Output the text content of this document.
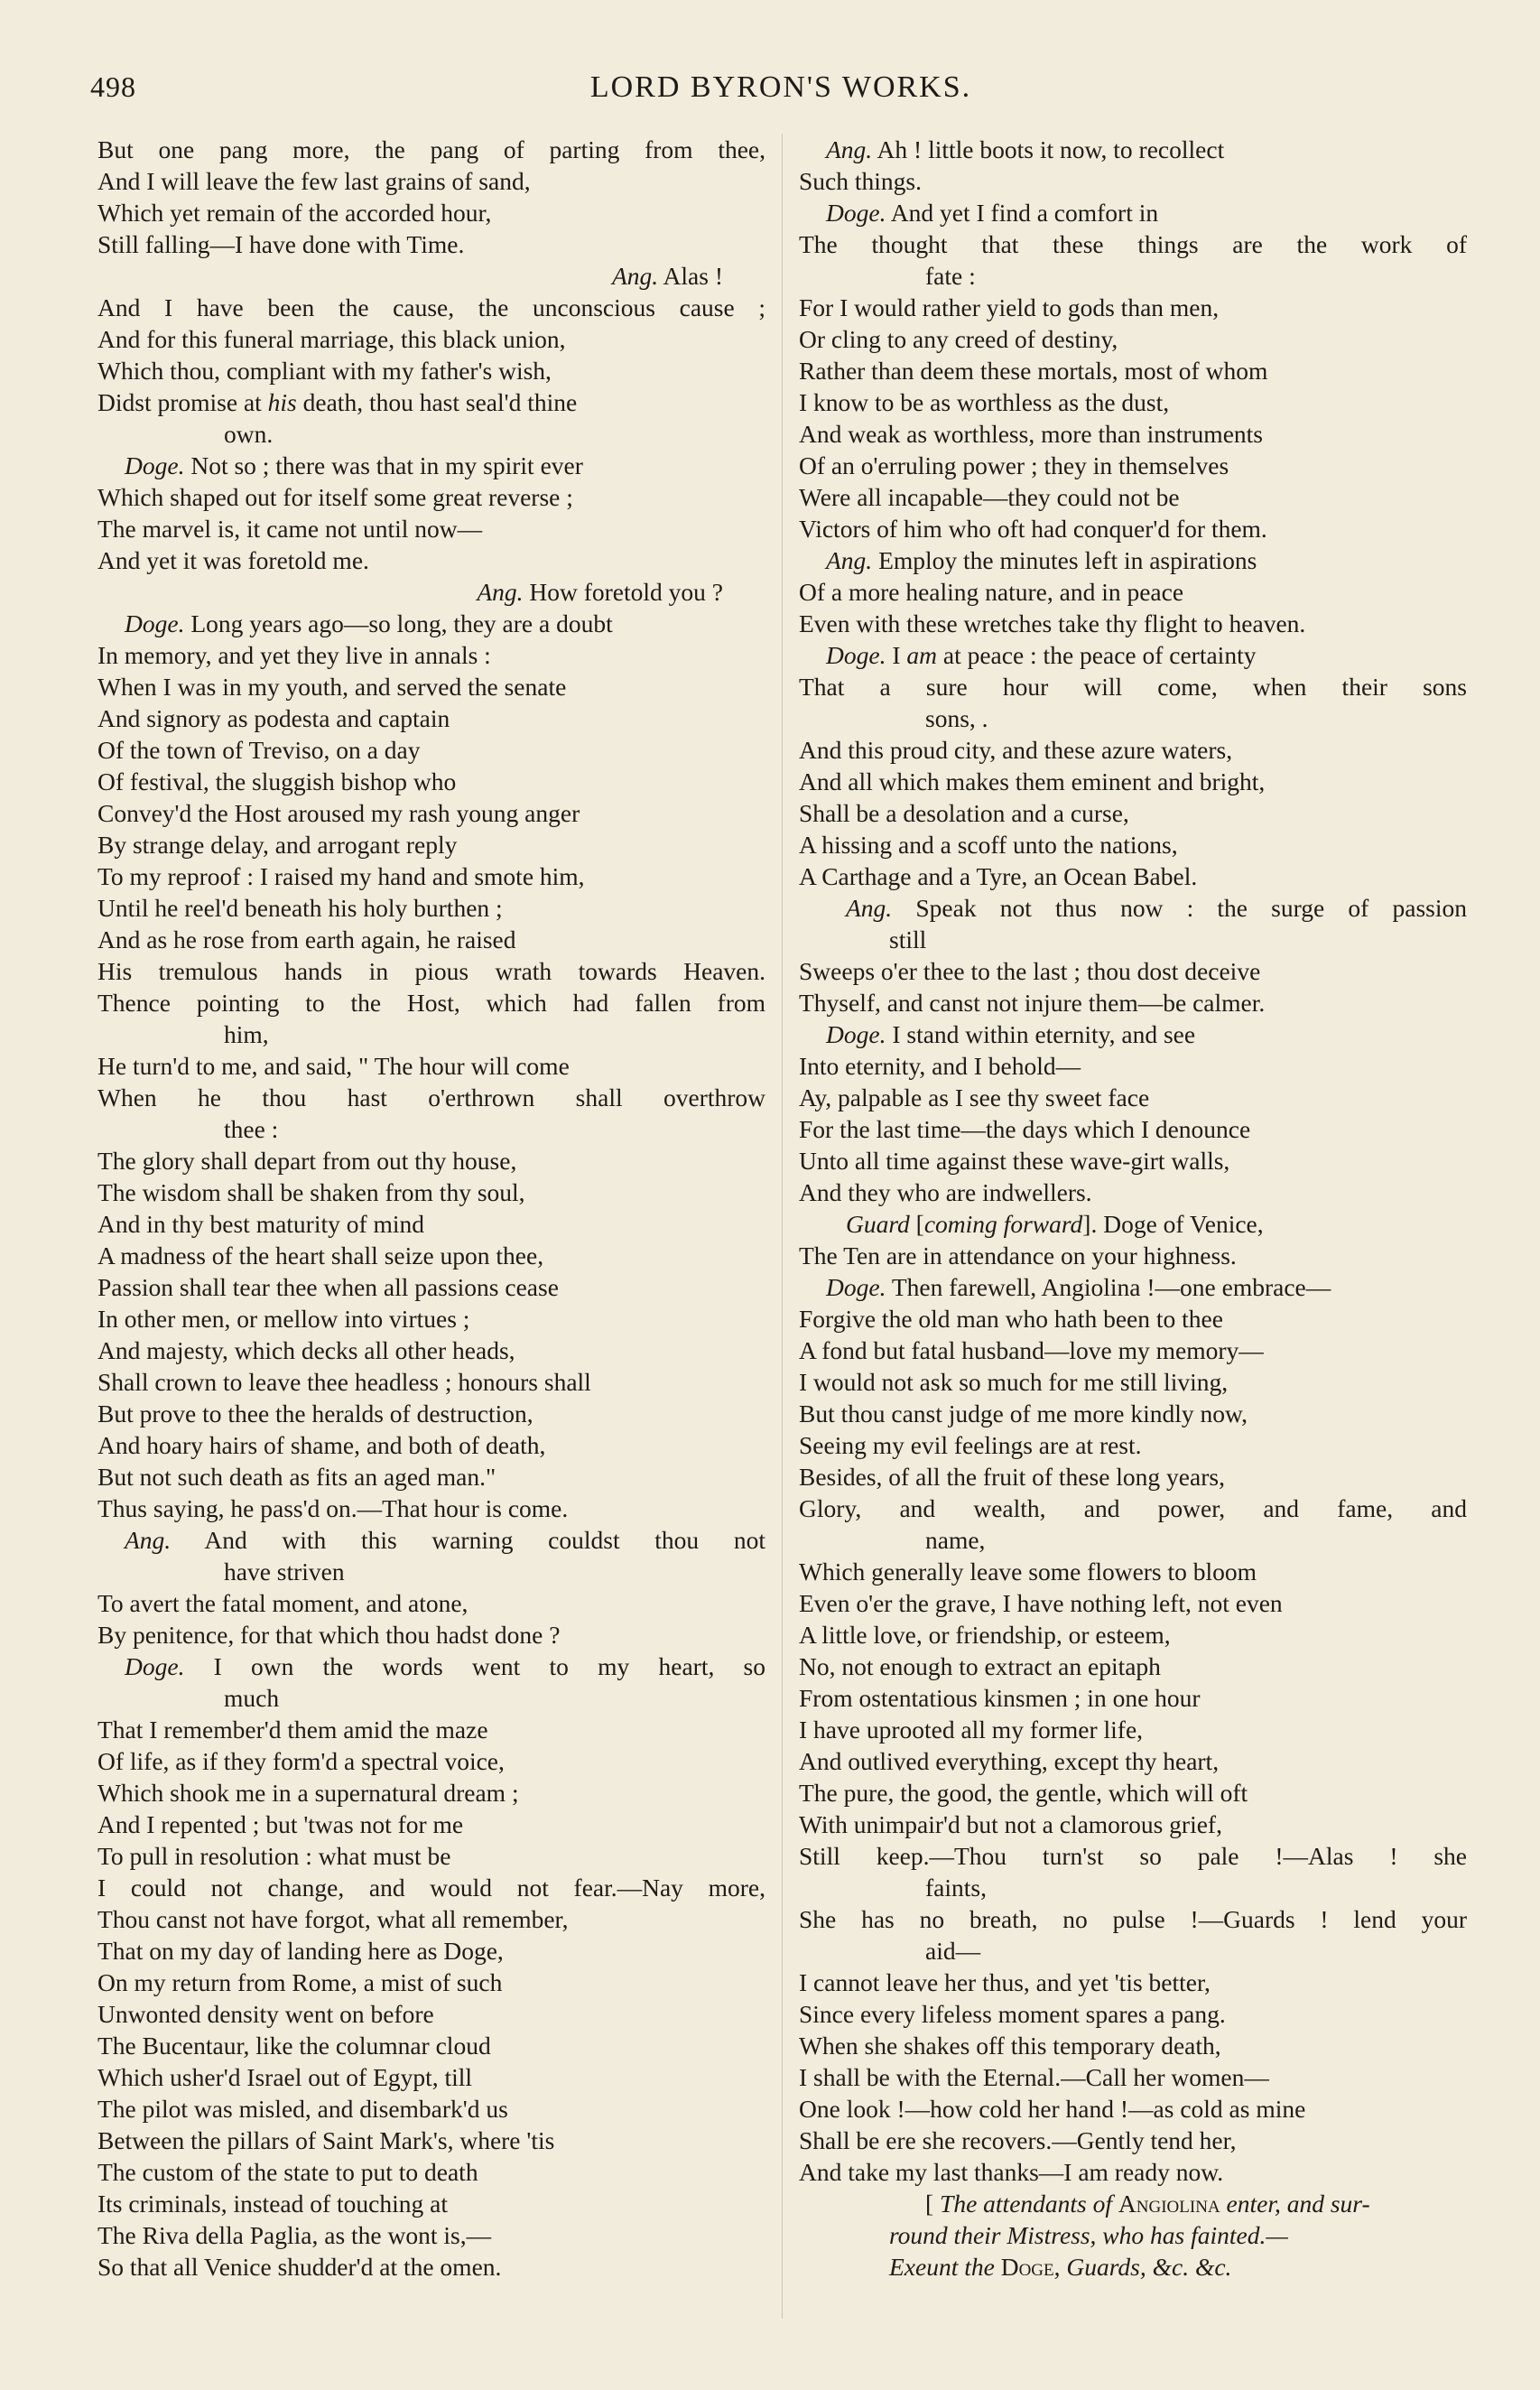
498	LORD BYRON'S WORKS.
But one pang more, the pang of parting from thee,
And I will leave the few last grains of sand,
Which yet remain of the accorded hour,
Still falling—I have done with Time.
Ang. Alas !
And I have been the cause, the unconscious cause ;
And for this funeral marriage, this black union,
Which thou, compliant with my father's wish,
Didst promise at his death, thou hast seal'd thine
own.
Doge. Not so ; there was that in my spirit ever
Which shaped out for itself some great reverse ;
The marvel is, it came not until now—
And yet it was foretold me.
Ang. How foretold you ?
Doge. Long years ago—so long, they are a doubt
In memory, and yet they live in annals :
When I was in my youth, and served the senate
And signory as podesta and captain
Of the town of Treviso, on a day
Of festival, the sluggish bishop who
Convey'd the Host aroused my rash young anger
By strange delay, and arrogant reply
To my reproof : I raised my hand and smote him,
Until he reel'd beneath his holy burthen ;
And as he rose from earth again, he raised
His tremulous hands in pious wrath towards Heaven.
Thence pointing to the Host, which had fallen from
him,
He turn'd to me, and said, " The hour will come
When he thou hast o'erthrown shall overthrow
thee :
The glory shall depart from out thy house,
The wisdom shall be shaken from thy soul,
And in thy best maturity of mind
A madness of the heart shall seize upon thee,
Passion shall tear thee when all passions cease
In other men, or mellow into virtues ;
And majesty, which decks all other heads,
Shall crown to leave thee headless ; honours shall
But prove to thee the heralds of destruction,
And hoary hairs of shame, and both of death,
But not such death as fits an aged man."
Thus saying, he pass'd on.—That hour is come.
Ang. And with this warning couldst thou not
have striven
To avert the fatal moment, and atone,
By penitence, for that which thou hadst done ?
Doge. I own the words went to my heart, so
much
That I remember'd them amid the maze
Of life, as if they form'd a spectral voice,
Which shook me in a supernatural dream ;
And I repented ; but 'twas not for me
To pull in resolution : what must be
I could not change, and would not fear.—Nay more,
Thou canst not have forgot, what all remember,
That on my day of landing here as Doge,
On my return from Rome, a mist of such
Unwonted density went on before
The Bucentaur, like the columnar cloud
Which usher'd Israel out of Egypt, till
The pilot was misled, and disembark'd us
Between the pillars of Saint Mark's, where 'tis
The custom of the state to put to death
Its criminals, instead of touching at
The Riva della Paglia, as the wont is,—
So that all Venice shudder'd at the omen.
Ang. Ah ! little boots it now, to recollect
Such things.
Doge. And yet I find a comfort in
The thought that these things are the work of
fate :
For I would rather yield to gods than men,
Or cling to any creed of destiny,
Rather than deem these mortals, most of whom
I know to be as worthless as the dust,
And weak as worthless, more than instruments
Of an o'erruling power ; they in themselves
Were all incapable—they could not be
Victors of him who oft had conquer'd for them.
Ang. Employ the minutes left in aspirations
Of a more healing nature, and in peace
Even with these wretches take thy flight to heaven.
Doge. I am at peace : the peace of certainty
That a sure hour will come, when their sons
sons, .
And this proud city, and these azure waters,
And all which makes them eminent and bright,
Shall be a desolation and a curse,
A hissing and a scoff unto the nations,
A Carthage and a Tyre, an Ocean Babel.
Ang. Speak not thus now : the surge of passion
still
Sweeps o'er thee to the last ; thou dost deceive
Thyself, and canst not injure them—be calmer.
Doge. I stand within eternity, and see
Into eternity, and I behold—
Ay, palpable as I see thy sweet face
For the last time—the days which I denounce
Unto all time against these wave-girt walls,
And they who are indwellers.
Guard [coming forward]. Doge of Venice,
The Ten are in attendance on your highness.
Doge. Then farewell, Angiolina !—one embrace—
Forgive the old man who hath been to thee
A fond but fatal husband—love my memory—
I would not ask so much for me still living,
But thou canst judge of me more kindly now,
Seeing my evil feelings are at rest.
Besides, of all the fruit of these long years,
Glory, and wealth, and power, and fame, and
name,
Which generally leave some flowers to bloom
Even o'er the grave, I have nothing left, not even
A little love, or friendship, or esteem,
No, not enough to extract an epitaph
From ostentatious kinsmen ; in one hour
I have uprooted all my former life,
And outlived everything, except thy heart,
The pure, the good, the gentle, which will oft
With unimpair'd but not a clamorous grief,
Still keep.—Thou turn'st so pale !—Alas ! she
faints,
She has no breath, no pulse !—Guards ! lend your
aid—
I cannot leave her thus, and yet 'tis better,
Since every lifeless moment spares a pang.
When she shakes off this temporary death,
I shall be with the Eternal.—Call her women—
One look !—how cold her hand !—as cold as mine
Shall be ere she recovers.—Gently tend her,
And take my last thanks—I am ready now.
[ The attendants of Angiolina enter, and sur-
round their Mistress, who has fainted.—
Exeunt the Doge, Guards, &c. &c.
